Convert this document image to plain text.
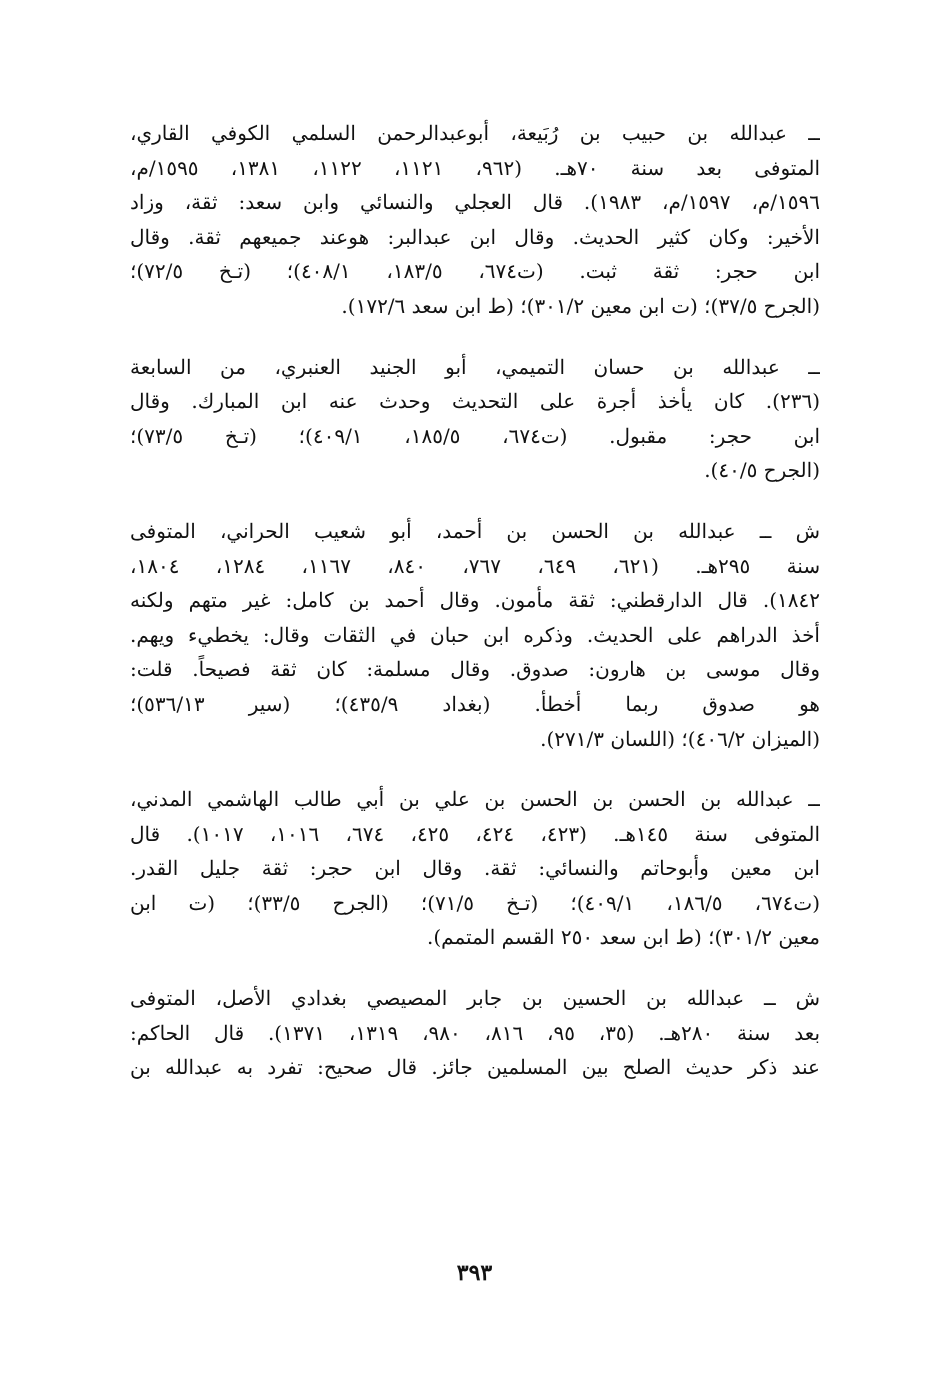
ــ عبدالله بن حبيب بن رُبَيعة، أبوعبدالرحمن السلمي الكوفي القاري،
المتوفى بعد سنة ٧٠هـ. (٩٦٢، ١١٢١، ١١٢٢، ١٣٨١، ١٥٩٥/م،
١٥٩٦/م، ١٥٩٧/م، ١٩٨٣). قال العجلي والنسائي وابن سعد: ثقة، وزاد
الأخير: وكان كثير الحديث. وقال ابن عبدالبر: هوعند جميعهم ثقة. وقال
ابن حجر: ثقة ثبت. (ت٦٧٤، ١٨٣/٥، ٤٠٨/١)؛ (تـخ ٧٢/٥)؛
(الجرح ٣٧/٥)؛ (ت ابن معين ٣٠١/٢)؛ (ط ابن سعد ١٧٢/٦).
ــ عبدالله بن حسان التميمي، أبو الجنيد العنبري، من السابعة
(٢٣٦). كان يأخذ أجرة على التحديث وحدث عنه ابن المبارك. وقال
ابن حجر: مقبول. (ت٦٧٤، ١٨٥/٥، ٤٠٩/١)؛ (تـخ ٧٣/٥)؛
(الجرح ٤٠/٥).
ش ــ عبدالله بن الحسن بن أحمد، أبو شعيب الحراني، المتوفى
سنة ٢٩٥هـ. (٦٢١، ٦٤٩، ٧٦٧، ٨٤٠، ١١٦٧، ١٢٨٤، ١٨٠٤،
١٨٤٢). قال الدارقطني: ثقة مأمون. وقال أحمد بن كامل: غير متهم ولكنه
أخذ الدراهم على الحديث. وذكره ابن حبان في الثقات وقال: يخطيء ويهم.
وقال موسى بن هارون: صدوق. وقال مسلمة: كان ثقة فصيحاً. قلت:
هو صدوق ربما أخطأ. (بغداد ٤٣٥/٩)؛ (سير ٥٣٦/١٣)؛
(الميزان ٤٠٦/٢)؛ (اللسان ٢٧١/٣).
ــ عبدالله بن الحسن بن الحسن بن علي بن أبي طالب الهاشمي المدني،
المتوفى سنة ١٤٥هـ. (٤٢٣، ٤٢٤، ٤٢٥، ٦٧٤، ١٠١٦، ١٠١٧). قال
ابن معين وأبوحاتم والنسائي: ثقة. وقال ابن حجر: ثقة جليل القدر.
(ت٦٧٤، ١٨٦/٥، ٤٠٩/١)؛ (تـخ ٧١/٥)؛ (الجرح ٣٣/٥)؛ (ت ابن
معين ٣٠١/٢)؛ (ط ابن سعد ٢٥٠ القسم المتمم).
ش ــ عبدالله بن الحسين بن جابر المصيصي بغدادي الأصل، المتوفى
بعد سنة ٢٨٠هـ. (٣٥، ٩٥، ٨١٦، ٩٨٠، ١٣١٩، ١٣٧١). قال الحاكم:
عند ذكر حديث الصلح بين المسلمين جائز. قال صحيح: تفرد به عبدالله بن
٣٩٣
